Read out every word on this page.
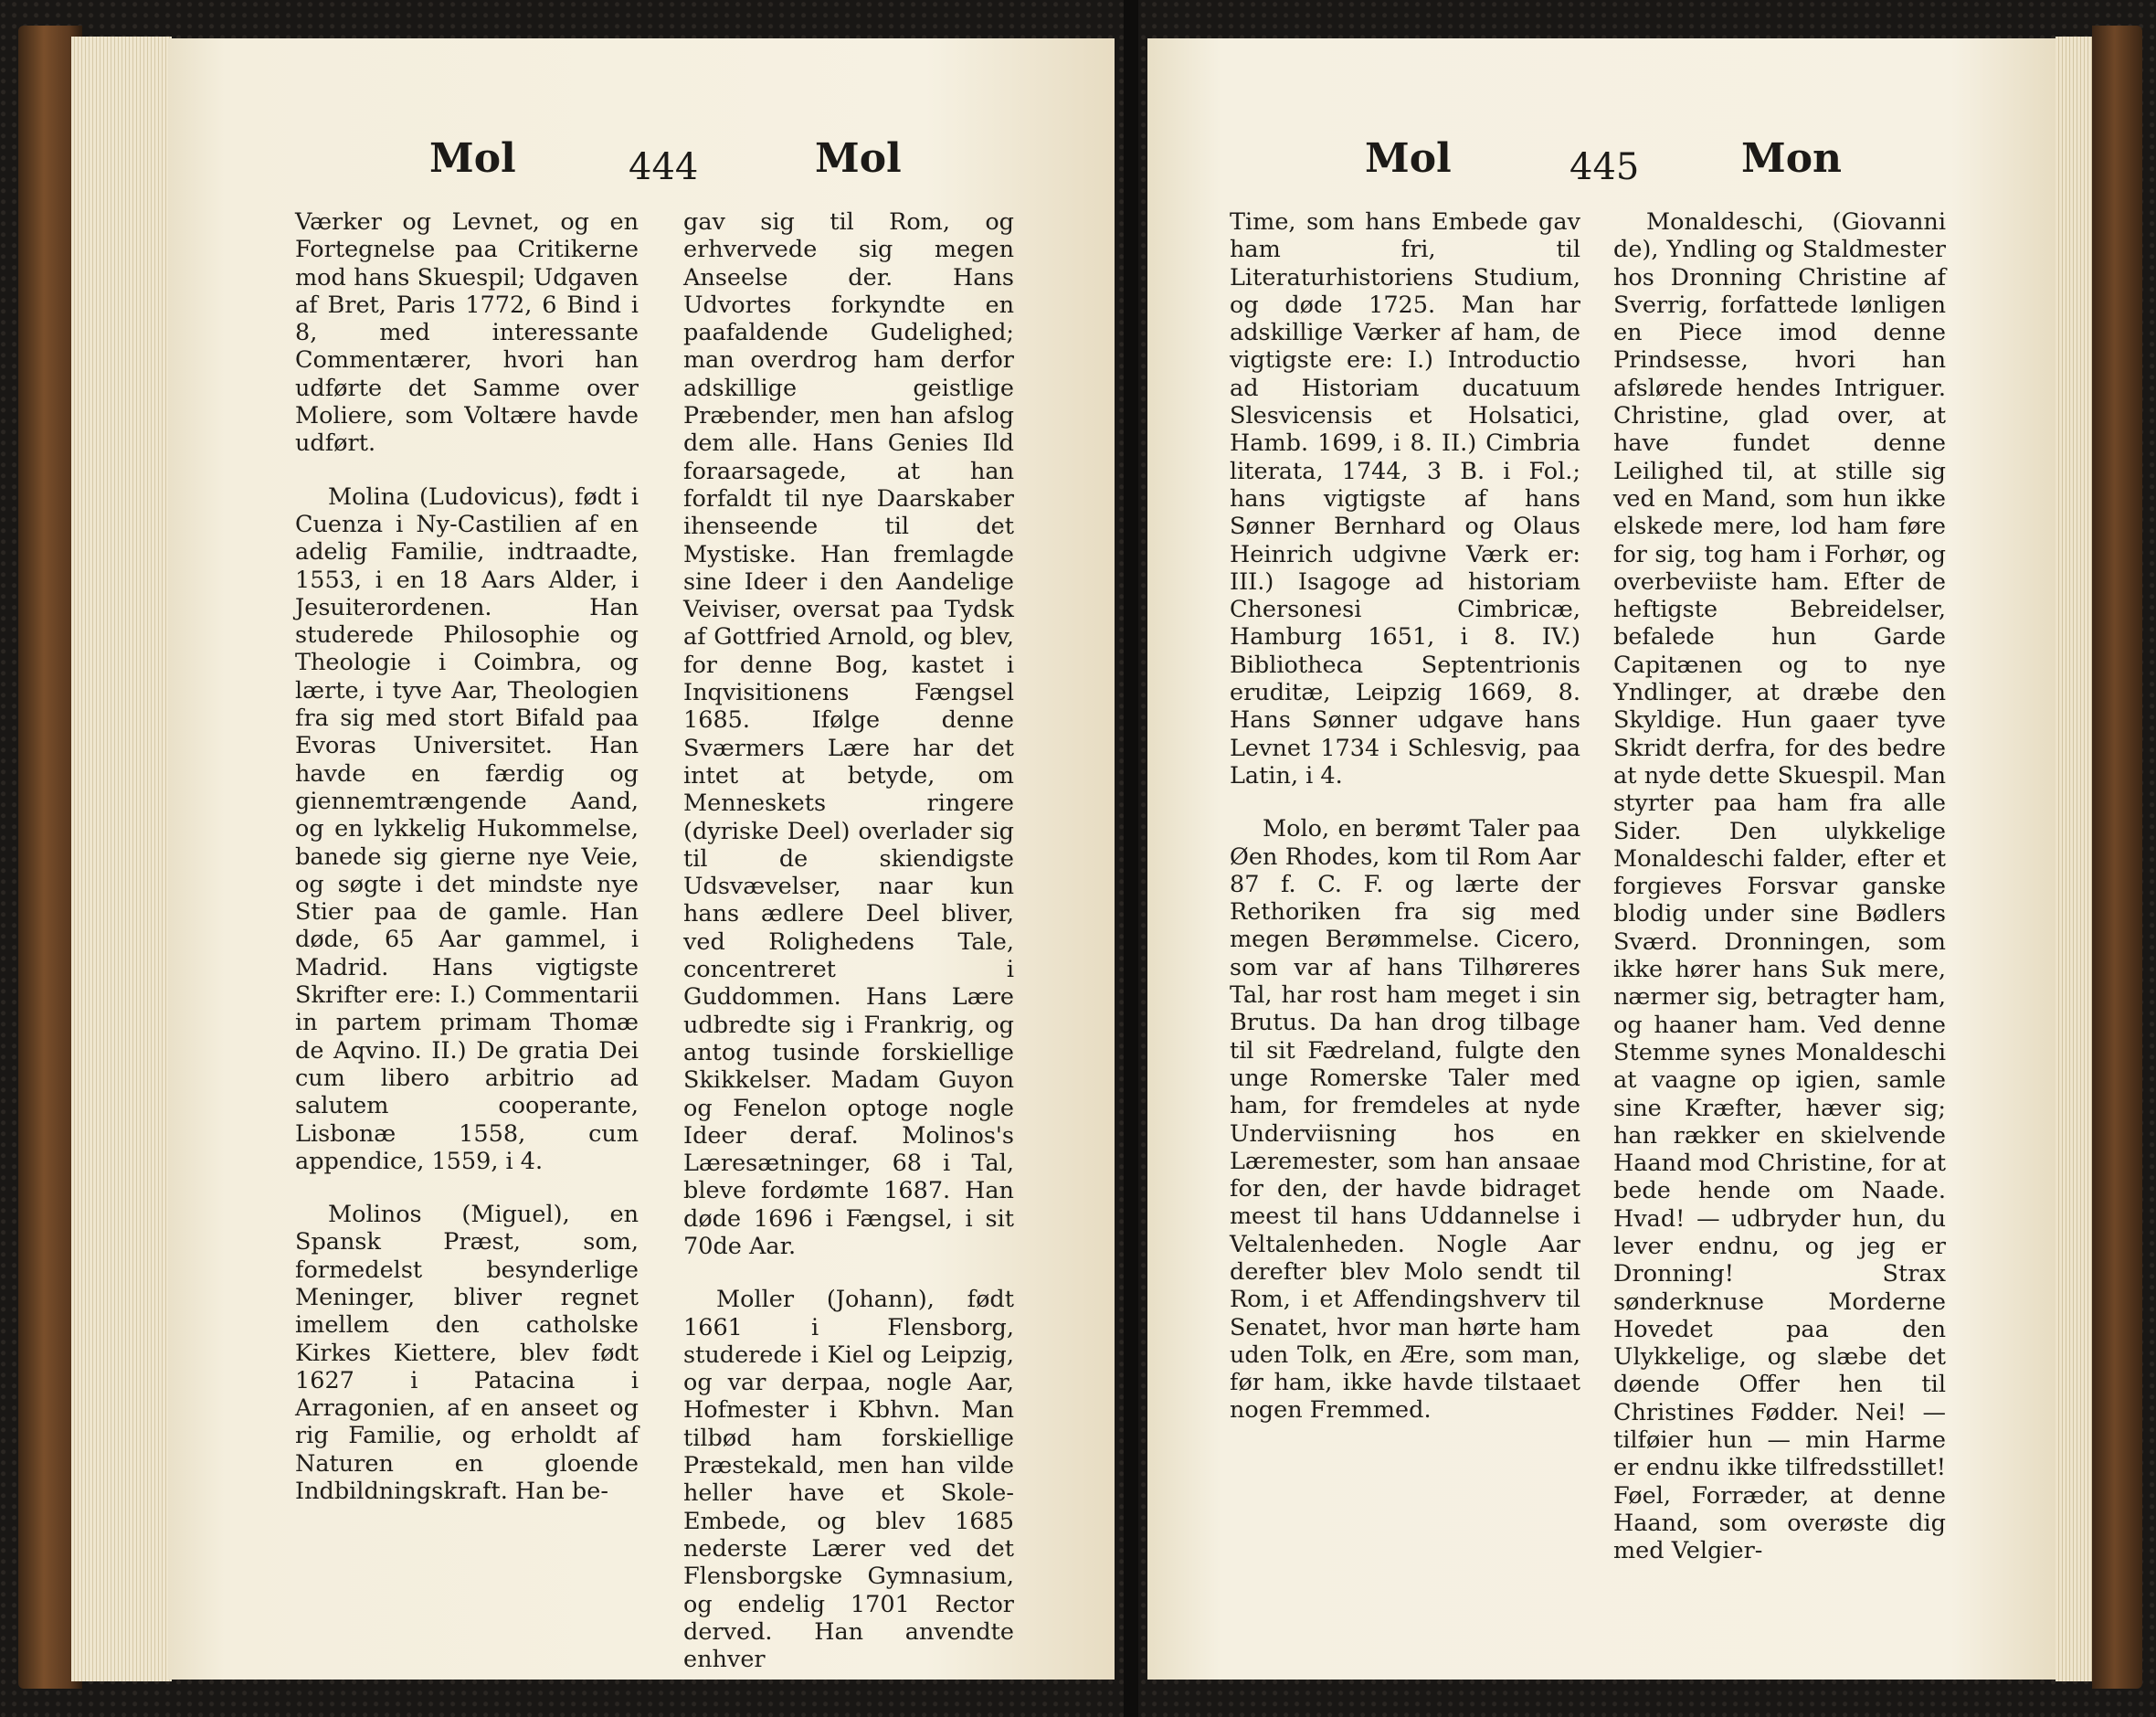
Mol	444	Mol

Værker og Levnet, og en Fortegnelse paa Critikerne mod hans Skuespil; Udgaven af Bret, Paris 1772, 6 Bind i 8, med interessante Commentærer, hvori han udførte det Samme over Moliere, som Voltære havde udført.

Molina (Ludovicus), født i Cuenza i Ny-Castilien af en adelig Familie, indtraadte, 1553, i en 18 Aars Alder, i Jesuiterordenen. Han studerede Philosophie og Theologie i Coimbra, og lærte, i tyve Aar, Theologien fra sig med stort Bifald paa Evoras Universitet. Han havde en færdig og giennemtrængende Aand, og en lykkelig Hukommelse, banede sig gierne nye Veie, og søgte i det mindste nye Stier paa de gamle. Han døde, 65 Aar gammel, i Madrid. Hans vigtigste Skrifter ere: I.) Commentarii in partem primam Thomæ de Aqvino. II.) De gratia Dei cum libero arbitrio ad salutem cooperante, Lisbonæ 1558, cum appendice, 1559, i 4.

Molinos (Miguel), en Spansk Præst, som, formedelst besynderlige Meninger, bliver regnet imellem den catholske Kirkes Kiettere, blev født 1627 i Patacina i Arragonien, af en anseet og rig Familie, og erholdt af Naturen en gloende Indbildningskraft. Han be-

gav sig til Rom, og erhvervede sig megen Anseelse der. Hans Udvortes forkyndte en paafaldende Gudelighed; man overdrog ham derfor adskillige geistlige Præbender, men han afslog dem alle. Hans Genies Ild foraarsagede, at han forfaldt til nye Daarskaber ihenseende til det Mystiske. Han fremlagde sine Ideer i den Aandelige Veiviser, oversat paa Tydsk af Gottfried Arnold, og blev, for denne Bog, kastet i Inqvisitionens Fængsel 1685. Ifølge denne Sværmers Lære har det intet at betyde, om Menneskets ringere (dyriske Deel) overlader sig til de skiendigste Udsvævelser, naar kun hans ædlere Deel bliver, ved Rolighedens Tale, concentreret i Guddommen. Hans Lære udbredte sig i Frankrig, og antog tusinde forskiellige Skikkelser. Madam Guyon og Fenelon optoge nogle Ideer deraf. Molinos's Læresætninger, 68 i Tal, bleve fordømte 1687. Han døde 1696 i Fængsel, i sit 70de Aar.

Moller (Johann), født 1661 i Flensborg, studerede i Kiel og Leipzig, og var derpaa, nogle Aar, Hofmester i Kbhvn. Man tilbød ham forskiellige Præstekald, men han vilde heller have et Skole-Embede, og blev 1685 nederste Lærer ved det Flensborgske Gymnasium, og endelig 1701 Rector derved. Han anvendte enhver

Mol	445	Mon

Time, som hans Embede gav ham fri, til Literaturhistoriens Studium, og døde 1725. Man har adskillige Værker af ham, de vigtigste ere: I.) Introductio ad Historiam ducatuum Slesvicensis et Holsatici, Hamb. 1699, i 8. II.) Cimbria literata, 1744, 3 B. i Fol.; hans vigtigste af hans Sønner Bernhard og Olaus Heinrich udgivne Værk er: III.) Isagoge ad historiam Chersonesi Cimbricæ, Hamburg 1651, i 8. IV.) Bibliotheca Septentrionis eruditæ, Leipzig 1669, 8. Hans Sønner udgave hans Levnet 1734 i Schlesvig, paa Latin, i 4.

Molo, en berømt Taler paa Øen Rhodes, kom til Rom Aar 87 f. C. F. og lærte der Rethoriken fra sig med megen Berømmelse. Cicero, som var af hans Tilhøreres Tal, har rost ham meget i sin Brutus. Da han drog tilbage til sit Fædreland, fulgte den unge Romerske Taler med ham, for fremdeles at nyde Underviisning hos en Læremester, som han ansaae for den, der havde bidraget meest til hans Uddannelse i Veltalenheden. Nogle Aar derefter blev Molo sendt til Rom, i et Affendingshverv til Senatet, hvor man hørte ham uden Tolk, en Ære, som man, før ham, ikke havde tilstaaet nogen Fremmed.

Monaldeschi, (Giovanni de), Yndling og Staldmester hos Dronning Christine af Sverrig, forfattede lønligen en Piece imod denne Prindsesse, hvori han afslørede hendes Intriguer. Christine, glad over, at have fundet denne Leilighed til, at stille sig ved en Mand, som hun ikke elskede mere, lod ham føre for sig, tog ham i Forhør, og overbeviiste ham. Efter de heftigste Bebreidelser, befalede hun Garde Capitænen og to nye Yndlinger, at dræbe den Skyldige. Hun gaaer tyve Skridt derfra, for des bedre at nyde dette Skuespil. Man styrter paa ham fra alle Sider. Den ulykkelige Monaldeschi falder, efter et forgieves Forsvar ganske blodig under sine Bødlers Sværd. Dronningen, som ikke hører hans Suk mere, nærmer sig, betragter ham, og haaner ham. Ved denne Stemme synes Monaldeschi at vaagne op igien, samle sine Kræfter, hæver sig; han rækker en skielvende Haand mod Christine, for at bede hende om Naade. Hvad! — udbryder hun, du lever endnu, og jeg er Dronning! Strax sønderknuse Morderne Hovedet paa den Ulykkelige, og slæbe det døende Offer hen til Christines Fødder. Nei! — tilføier hun — min Harme er endnu ikke tilfredsstillet! Føel, Forræder, at denne Haand, som overøste dig med Velgier-
